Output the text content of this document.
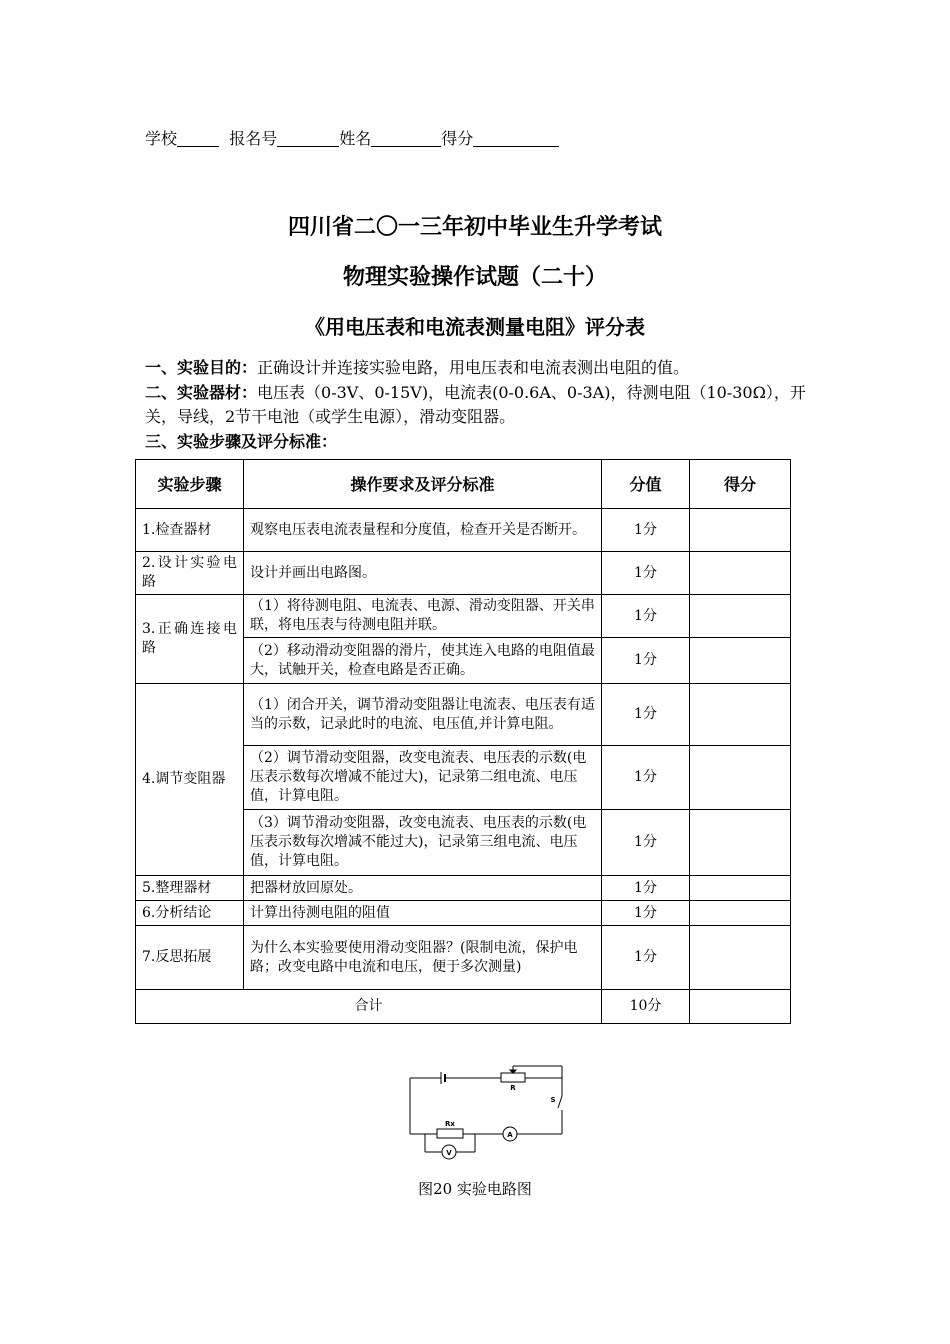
学校	报名号	姓名	得分
四川省二〇一三年初中毕业生升学考试
物理实验操作试题（二十）
《用电压表和电流表测量电阻》评分表
一、实验目的：正确设计并连接实验电路，用电压表和电流表测出电阻的值。
二、实验器材：电压表（0-3V、0-15V)，电流表(0-0.6A、0-3A)，待测电阻（10-30Ω），开关，导线，2节干电池（或学生电源），滑动变阻器。
三、实验步骤及评分标准：
实验步骤	操作要求及评分标准	分值	得分
1.检查器材	观察电压表电流表量程和分度值，检查开关是否断开。	1分	
2.设计实验电路	设计并画出电路图。	1分	
3.正确连接电路	（1）将待测电阻、电流表、电源、滑动变阻器、开关串联，将电压表与待测电阻并联。	1分	
	（2）移动滑动变阻器的滑片，使其连入电路的电阻值最大，试触开关，检查电路是否正确。	1分	
4.调节变阻器	（1）闭合开关，调节滑动变阻器让电流表、电压表有适当的示数，记录此时的电流、电压值,并计算电阻。	1分	
	（2）调节滑动变阻器，改变电流表、电压表的示数(电压表示数每次增减不能过大)，记录第二组电流、电压值，计算电阻。	1分	
	（3）调节滑动变阻器，改变电流表、电压表的示数(电压表示数每次增减不能过大)，记录第三组电流、电压值，计算电阻。	1分	
5.整理器材	把器材放回原处。	1分	
6.分析结论	计算出待测电阻的阻值	1分	
7.反思拓展	为什么本实验要使用滑动变阻器？(限制电流，保护电路；改变电路中电流和电压，便于多次测量)	1分	
合计		10分	
R
S
Rx
A
V
图20 实验电路图
